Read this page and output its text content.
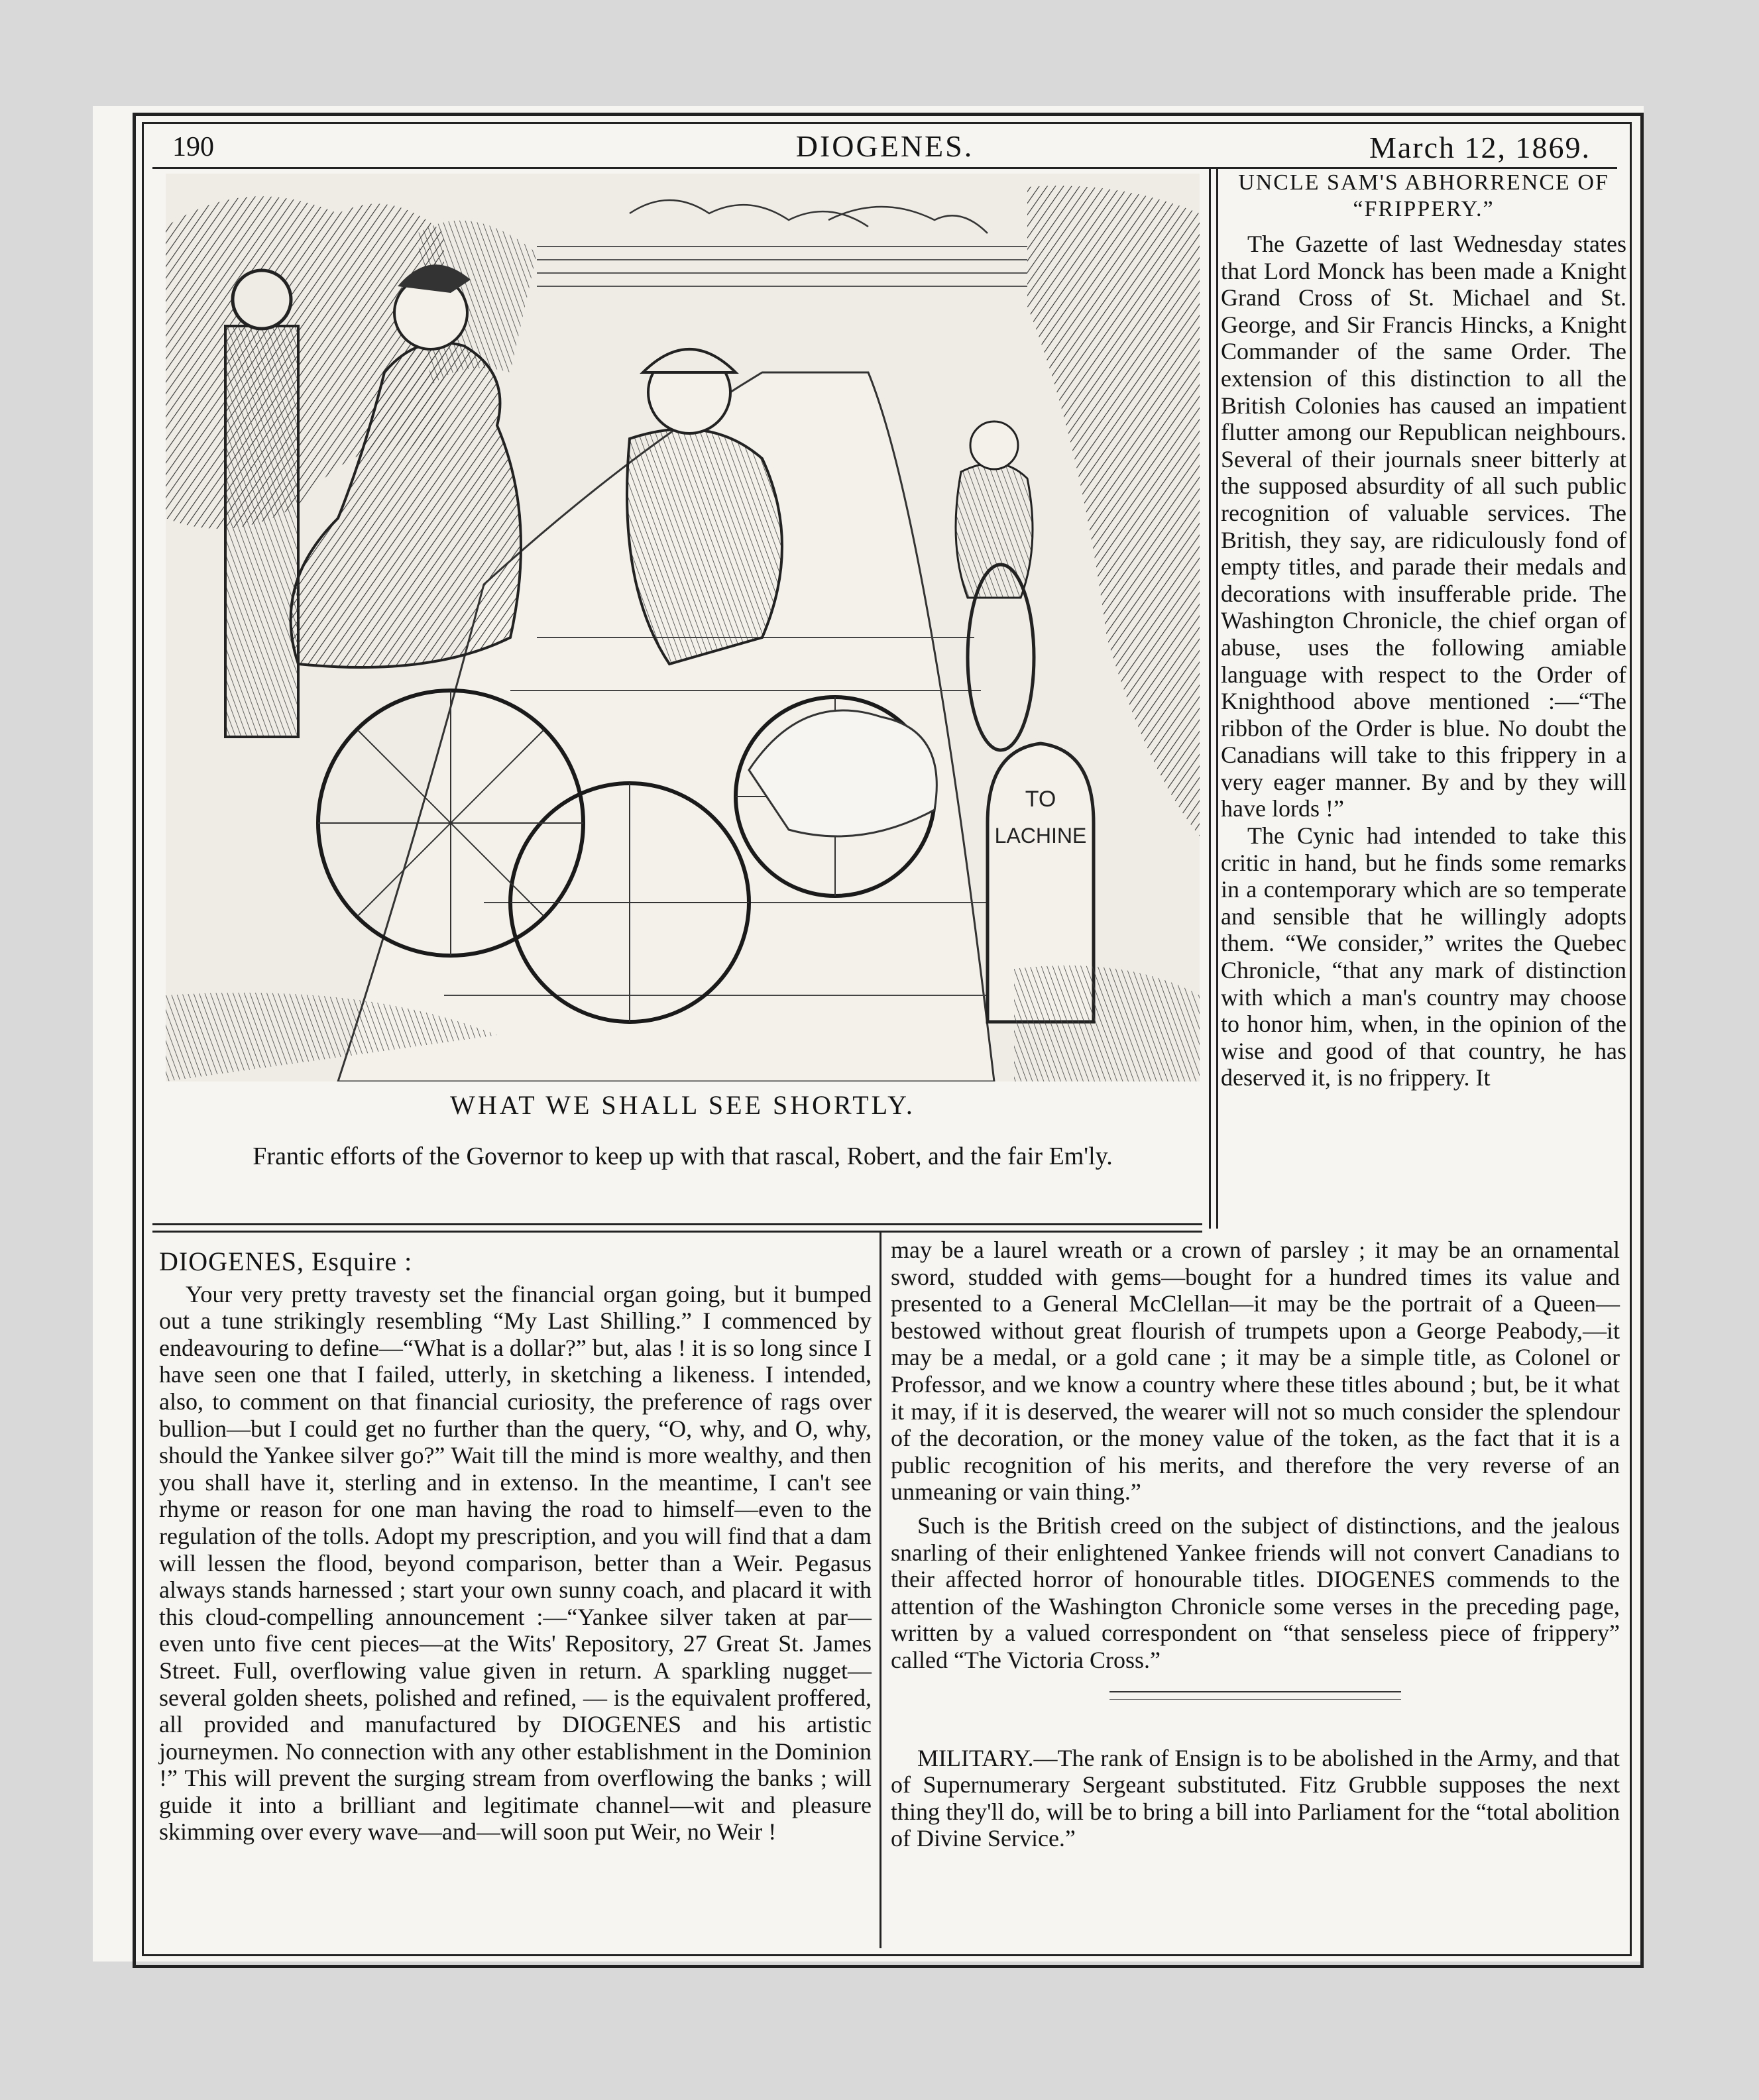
190	DIOGENES.	March 12, 1869.
TO
LACHINE
WHAT WE SHALL SEE SHORTLY.
Frantic efforts of the Governor to keep up with that rascal, Robert, and the fair Em'ly.

UNCLE SAM'S ABHORRENCE OF “FRIPPERY.”

The Gazette of last Wednesday states that Lord Monck has been made a Knight Grand Cross of St. Michael and St. George, and Sir Francis Hincks, a Knight Commander of the same Order. The extension of this distinction to all the British Colonies has caused an impatient flutter among our Republican neighbours. Several of their journals sneer bitterly at the supposed absurdity of all such public recognition of valuable services. The British, they say, are ridiculously fond of empty titles, and parade their medals and decorations with insufferable pride. The Washington Chronicle, the chief organ of abuse, uses the following amiable language with respect to the Order of Knighthood above mentioned :—“The ribbon of the Order is blue. No doubt the Canadians will take to this frippery in a very eager manner. By and by they will have lords !”

The Cynic had intended to take this critic in hand, but he finds some remarks in a contemporary which are so temperate and sensible that he willingly adopts them. “We consider,” writes the Quebec Chronicle, “that any mark of distinction with which a man's country may choose to honor him, when, in the opinion of the wise and good of that country, he has deserved it, is no frippery. It

DIOGENES, Esquire :

Your very pretty travesty set the financial organ going, but it bumped out a tune strikingly resembling “My Last Shilling.” I commenced by endeavouring to define—“What is a dollar?” but, alas ! it is so long since I have seen one that I failed, utterly, in sketching a likeness. I intended, also, to comment on that financial curiosity, the preference of rags over bullion—but I could get no further than the query, “O, why, and O, why, should the Yankee silver go?” Wait till the mind is more wealthy, and then you shall have it, sterling and in extenso. In the meantime, I can't see rhyme or reason for one man having the road to himself—even to the regulation of the tolls. Adopt my prescription, and you will find that a dam will lessen the flood, beyond comparison, better than a Weir. Pegasus always stands harnessed ; start your own sunny coach, and placard it with this cloud-compelling announcement :—“Yankee silver taken at par—even unto five cent pieces—at the Wits' Repository, 27 Great St. James Street. Full, overflowing value given in return. A sparkling nugget—several golden sheets, polished and refined, — is the equivalent proffered, all provided and manufactured by DIOGENES and his artistic journeymen. No connection with any other establishment in the Dominion !” This will prevent the surging stream from overflowing the banks ; will guide it into a brilliant and legitimate channel—wit and pleasure skimming over every wave—and—will soon put Weir, no Weir !

may be a laurel wreath or a crown of parsley ; it may be an ornamental sword, studded with gems—bought for a hundred times its value and presented to a General McClellan—it may be the portrait of a Queen—bestowed without great flourish of trumpets upon a George Peabody,—it may be a medal, or a gold cane ; it may be a simple title, as Colonel or Professor, and we know a country where these titles abound ; but, be it what it may, if it is deserved, the wearer will not so much consider the splendour of the decoration, or the money value of the token, as the fact that it is a public recognition of his merits, and therefore the very reverse of an unmeaning or vain thing.”

Such is the British creed on the subject of distinctions, and the jealous snarling of their enlightened Yankee friends will not convert Canadians to their affected horror of honourable titles. DIOGENES commends to the attention of the Washington Chronicle some verses in the preceding page, written by a valued correspondent on “that senseless piece of frippery” called “The Victoria Cross.”

MILITARY.—The rank of Ensign is to be abolished in the Army, and that of Supernumerary Sergeant substituted. Fitz Grubble supposes the next thing they'll do, will be to bring a bill into Parliament for the “total abolition of Divine Service.”
